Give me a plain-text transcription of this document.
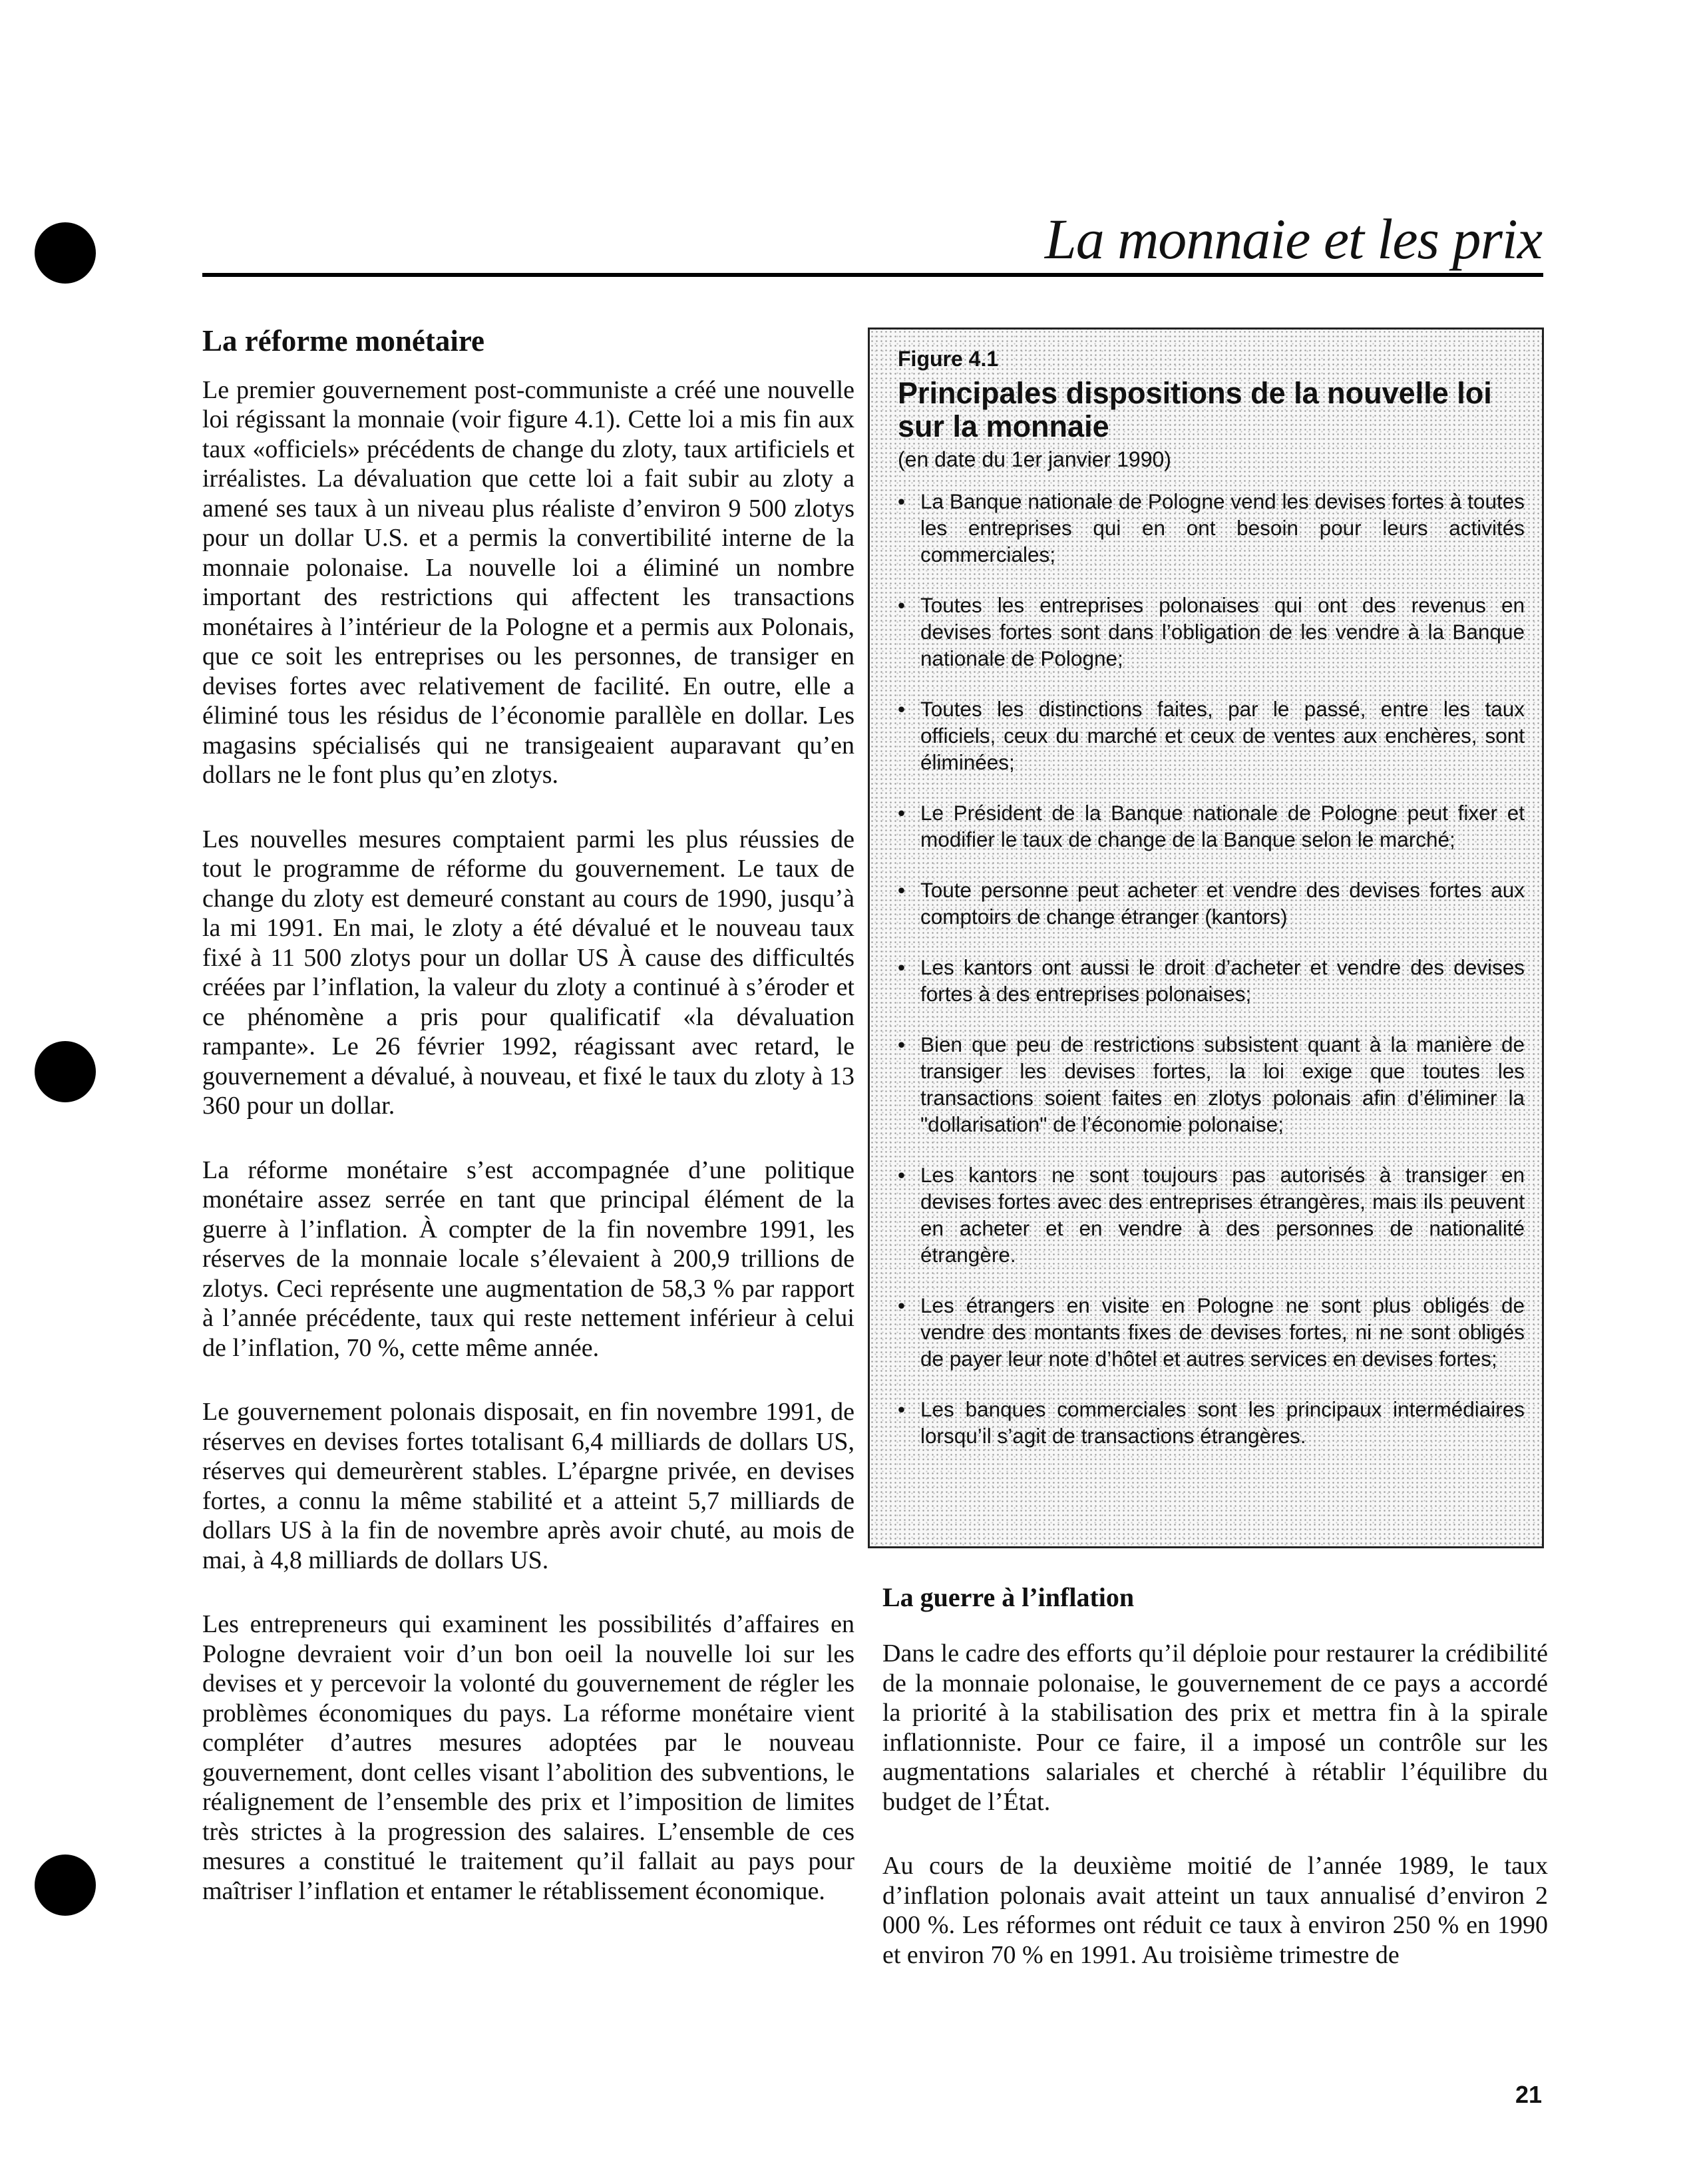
La monnaie et les prix
La réforme monétaire

Le premier gouvernement post-communiste a créé une nouvelle loi régissant la monnaie (voir figure 4.1). Cette loi a mis fin aux taux «officiels» précédents de change du zloty, taux artificiels et irréalistes. La dévaluation que cette loi a fait subir au zloty a amené ses taux à un niveau plus réaliste d’environ 9 500 zlotys pour un dollar U.S. et a permis la convertibilité interne de la monnaie polonaise. La nouvelle loi a éliminé un nombre important des restrictions qui affectent les transactions monétaires à l’intérieur de la Pologne et a permis aux Polonais, que ce soit les entreprises ou les personnes, de transiger en devises fortes avec relativement de facilité. En outre, elle a éliminé tous les résidus de l’économie parallèle en dollar. Les magasins spécialisés qui ne transigeaient auparavant qu’en dollars ne le font plus qu’en zlotys.

Les nouvelles mesures comptaient parmi les plus réussies de tout le programme de réforme du gouvernement. Le taux de change du zloty est demeuré constant au cours de 1990, jusqu’à la mi 1991. En mai, le zloty a été dévalué et le nouveau taux fixé à 11 500 zlotys pour un dollar US À cause des difficultés créées par l’inflation, la valeur du zloty a continué à s’éroder et ce phénomène a pris pour qualificatif «la dévaluation rampante». Le 26 février 1992, réagissant avec retard, le gouvernement a dévalué, à nouveau, et fixé le taux du zloty à 13 360 pour un dollar.

La réforme monétaire s’est accompagnée d’une politique monétaire assez serrée en tant que principal élément de la guerre à l’inflation. À compter de la fin novembre 1991, les réserves de la monnaie locale s’élevaient à 200,9 trillions de zlotys. Ceci représente une augmentation de 58,3 % par rapport à l’année précédente, taux qui reste nettement inférieur à celui de l’inflation, 70 %, cette même année.

Le gouvernement polonais disposait, en fin novembre 1991, de réserves en devises fortes totalisant 6,4 milliards de dollars US, réserves qui demeurèrent stables. L’épargne privée, en devises fortes, a connu la même stabilité et a atteint 5,7 milliards de dollars US à la fin de novembre après avoir chuté, au mois de mai, à 4,8 milliards de dollars US.

Les entrepreneurs qui examinent les possibilités d’affaires en Pologne devraient voir d’un bon oeil la nouvelle loi sur les devises et y percevoir la volonté du gouvernement de régler les problèmes économiques du pays. La réforme monétaire vient compléter d’autres mesures adoptées par le nouveau gouvernement, dont celles visant l’abolition des subventions, le réalignement de l’ensemble des prix et l’imposition de limites très strictes à la progression des salaires. L’ensemble de ces mesures a constitué le traitement qu’il fallait au pays pour maîtriser l’inflation et entamer le rétablissement économique.

Figure 4.1
Principales dispositions de la nouvelle loi sur la monnaie
(en date du 1er janvier 1990)
• La Banque nationale de Pologne vend les devises fortes à toutes les entreprises qui en ont besoin pour leurs activités commerciales;
• Toutes les entreprises polonaises qui ont des revenus en devises fortes sont dans l’obligation de les vendre à la Banque nationale de Pologne;
• Toutes les distinctions faites, par le passé, entre les taux officiels, ceux du marché et ceux de ventes aux enchères, sont éliminées;
• Le Président de la Banque nationale de Pologne peut fixer et modifier le taux de change de la Banque selon le marché;
• Toute personne peut acheter et vendre des devises fortes aux comptoirs de change étranger (kantors)
• Les kantors ont aussi le droit d’acheter et vendre des devises fortes à des entreprises polonaises;
• Bien que peu de restrictions subsistent quant à la manière de transiger les devises fortes, la loi exige que toutes les transactions soient faites en zlotys polonais afin d’éliminer la "dollarisation" de l’économie polonaise;
• Les kantors ne sont toujours pas autorisés à transiger en devises fortes avec des entreprises étrangères, mais ils peuvent en acheter et en vendre à des personnes de nationalité étrangère.
• Les étrangers en visite en Pologne ne sont plus obligés de vendre des montants fixes de devises fortes, ni ne sont obligés de payer leur note d’hôtel et autres services en devises fortes;
• Les banques commerciales sont les principaux intermédiaires lorsqu’il s’agit de transactions étrangères.
La guerre à l’inflation

Dans le cadre des efforts qu’il déploie pour restaurer la crédibilité de la monnaie polonaise, le gouvernement de ce pays a accordé la priorité à la stabilisation des prix et mettra fin à la spirale inflationniste. Pour ce faire, il a imposé un contrôle sur les augmentations salariales et cherché à rétablir l’équilibre du budget de l’État.

Au cours de la deuxième moitié de l’année 1989, le taux d’inflation polonais avait atteint un taux annualisé d’environ 2 000 %. Les réformes ont réduit ce taux à environ 250 % en 1990 et environ 70 % en 1991. Au troisième trimestre de

21
